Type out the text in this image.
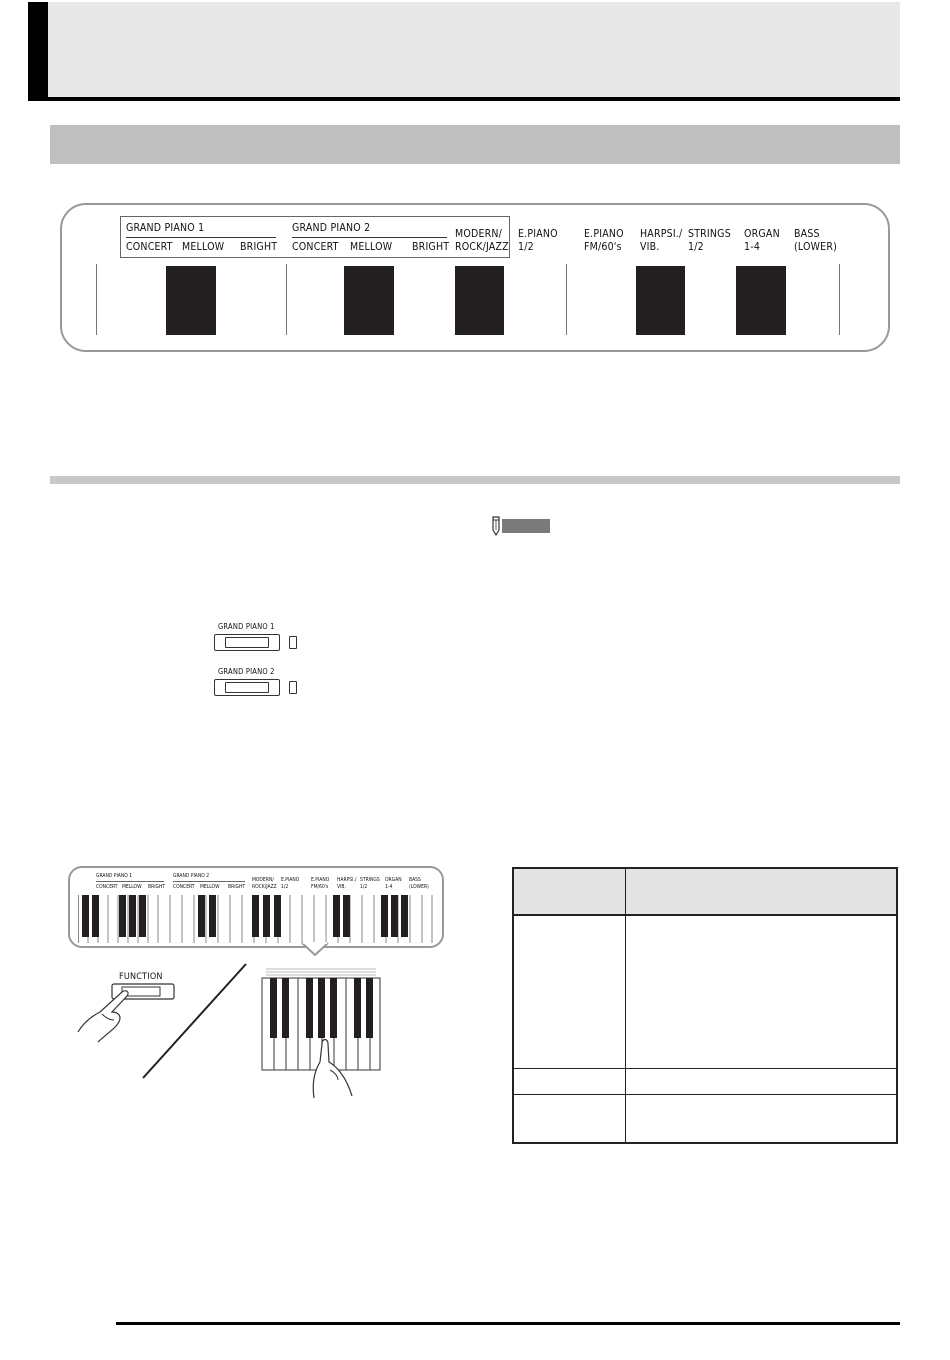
GRAND PIANO 1
CONCERT MELLOW BRIGHT
GRAND PIANO 2
CONCERT MELLOW BRIGHT
MODERN/
ROCK/JAZZ
E.PIANO
1/2
E.PIANO
FM/60's
HARPSI./
VIB.
STRINGS
1/2
ORGAN
1-4
BASS
(LOWER)
GRAND PIANO 1
GRAND PIANO 2
GRAND PIANO 1
CONCERT MELLOW BRIGHT
GRAND PIANO 2
CONCERT MELLOW BRIGHT
MODERN/
ROCK/JAZZ
E.PIANO
1/2
E.PIANO
FM/60's
HARPSI./
VIB.
STRINGS
1/2
ORGAN
1-4
BASS
(LOWER)
FUNCTION
